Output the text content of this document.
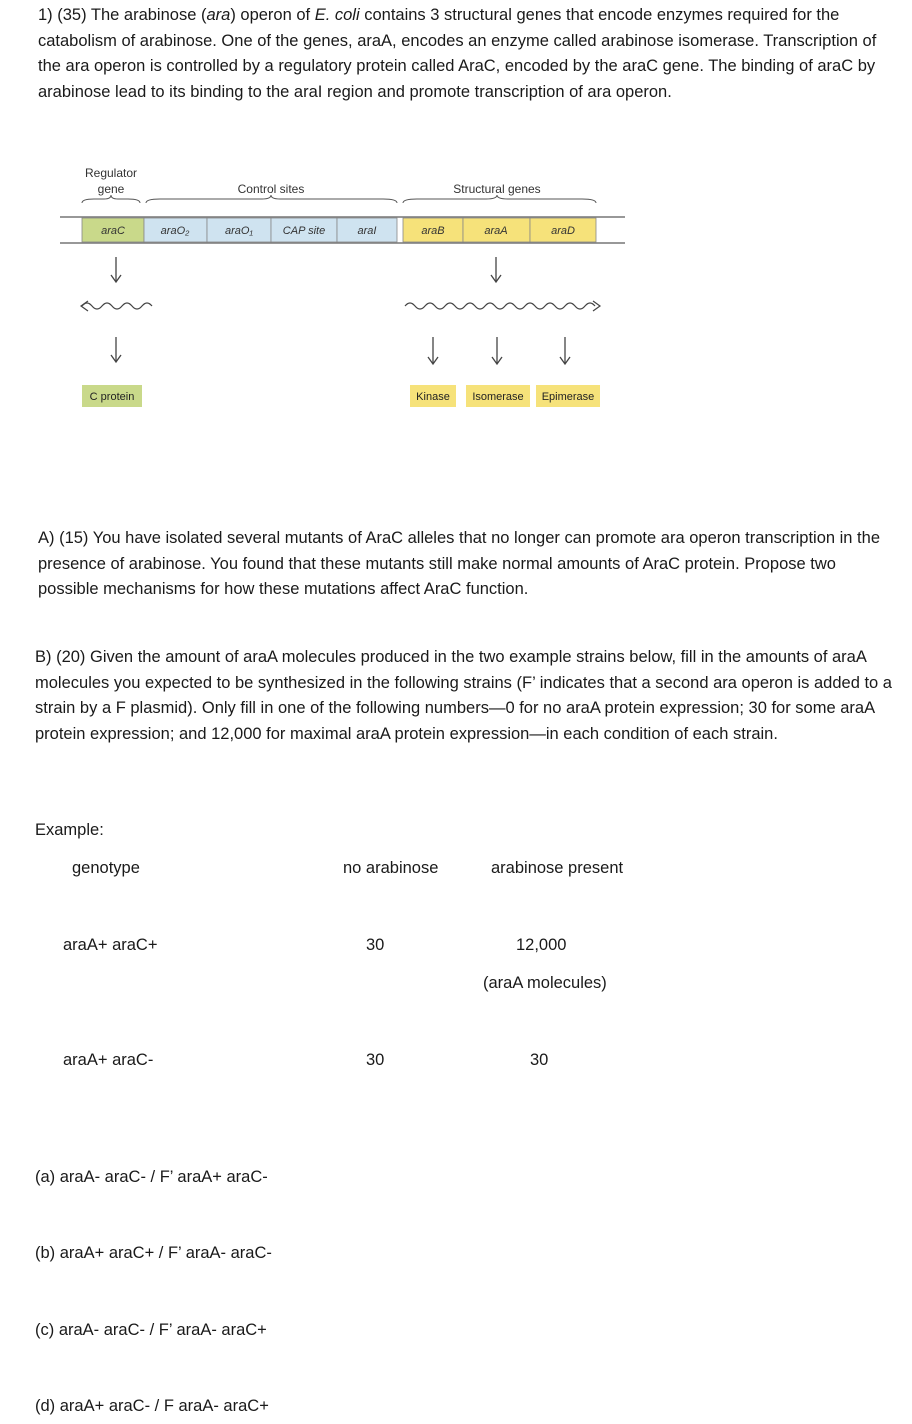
1) (35) The arabinose (ara) operon of E. coli contains 3 structural genes that encode enzymes required for the catabolism of arabinose. One of the genes, araA, encodes an enzyme called arabinose isomerase. Transcription of the ara operon is controlled by a regulatory protein called AraC, encoded by the araC gene. The binding of araC by arabinose lead to its binding to the araI region and promote transcription of ara operon.
Regulator
gene	Control sites	Structural genes
araC	araO₂	araO₁	CAP site	araI	araB	araA	araD
C protein	Kinase Isomerase Epimerase
A) (15) You have isolated several mutants of AraC alleles that no longer can promote ara operon transcription in the presence of arabinose. You found that these mutants still make normal amounts of AraC protein. Propose two possible mechanisms for how these mutations affect AraC function.
B) (20) Given the amount of araA molecules produced in the two example strains below, fill in the amounts of araA molecules you expected to be synthesized in the following strains (F’ indicates that a second ara operon is added to a strain by a F plasmid). Only fill in one of the following numbers—0 for no araA protein expression; 30 for some araA protein expression; and 12,000 for maximal araA protein expression—in each condition of each strain.
Example:
genotype	no arabinose	arabinose present
araA+ araC+	30	12,000
(araA molecules)
araA+ araC-	30	30
(a) araA- araC- / F’ araA+ araC-
(b) araA+ araC+ / F’ araA- araC-
(c) araA- araC- / F’ araA- araC+
(d) araA+ araC- / F araA- araC+
